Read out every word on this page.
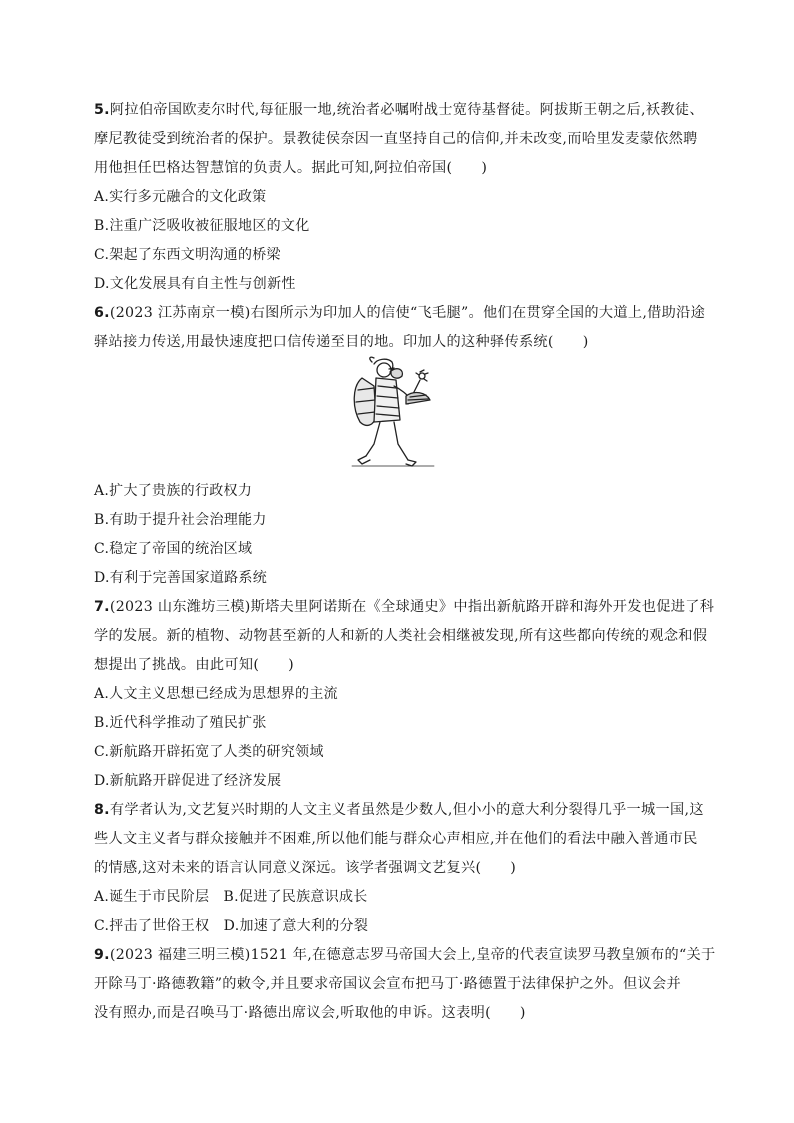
5.阿拉伯帝国欧麦尔时代,每征服一地,统治者必嘱咐战士宽待基督徒。阿拔斯王朝之后,袄教徒、
摩尼教徒受到统治者的保护。景教徒侯奈因一直坚持自己的信仰,并未改变,而哈里发麦蒙依然聘
用他担任巴格达智慧馆的负责人。据此可知,阿拉伯帝国(　　)
A.实行多元融合的文化政策
B.注重广泛吸收被征服地区的文化
C.架起了东西文明沟通的桥梁
D.文化发展具有自主性与创新性
6.(2023 江苏南京一模)右图所示为印加人的信使“飞毛腿”。他们在贯穿全国的大道上,借助沿途
驿站接力传送,用最快速度把口信传递至目的地。印加人的这种驿传系统(　　)
A.扩大了贵族的行政权力
B.有助于提升社会治理能力
C.稳定了帝国的统治区域
D.有利于完善国家道路系统
7.(2023 山东潍坊三模)斯塔夫里阿诺斯在《全球通史》中指出新航路开辟和海外开发也促进了科
学的发展。新的植物、动物甚至新的人和新的人类社会相继被发现,所有这些都向传统的观念和假
想提出了挑战。由此可知(　　)
A.人文主义思想已经成为思想界的主流
B.近代科学推动了殖民扩张
C.新航路开辟拓宽了人类的研究领域
D.新航路开辟促进了经济发展
8.有学者认为,文艺复兴时期的人文主义者虽然是少数人,但小小的意大利分裂得几乎一城一国,这
些人文主义者与群众接触并不困难,所以他们能与群众心声相应,并在他们的看法中融入普通市民
的情感,这对未来的语言认同意义深远。该学者强调文艺复兴(　　)
A.诞生于市民阶层　B.促进了民族意识成长
C.抨击了世俗王权　D.加速了意大利的分裂
9.(2023 福建三明三模)1521 年,在德意志罗马帝国大会上,皇帝的代表宣读罗马教皇颁布的“关于
开除马丁·路德教籍”的敕令,并且要求帝国议会宣布把马丁·路德置于法律保护之外。但议会并
没有照办,而是召唤马丁·路德出席议会,听取他的申诉。这表明(　　)
